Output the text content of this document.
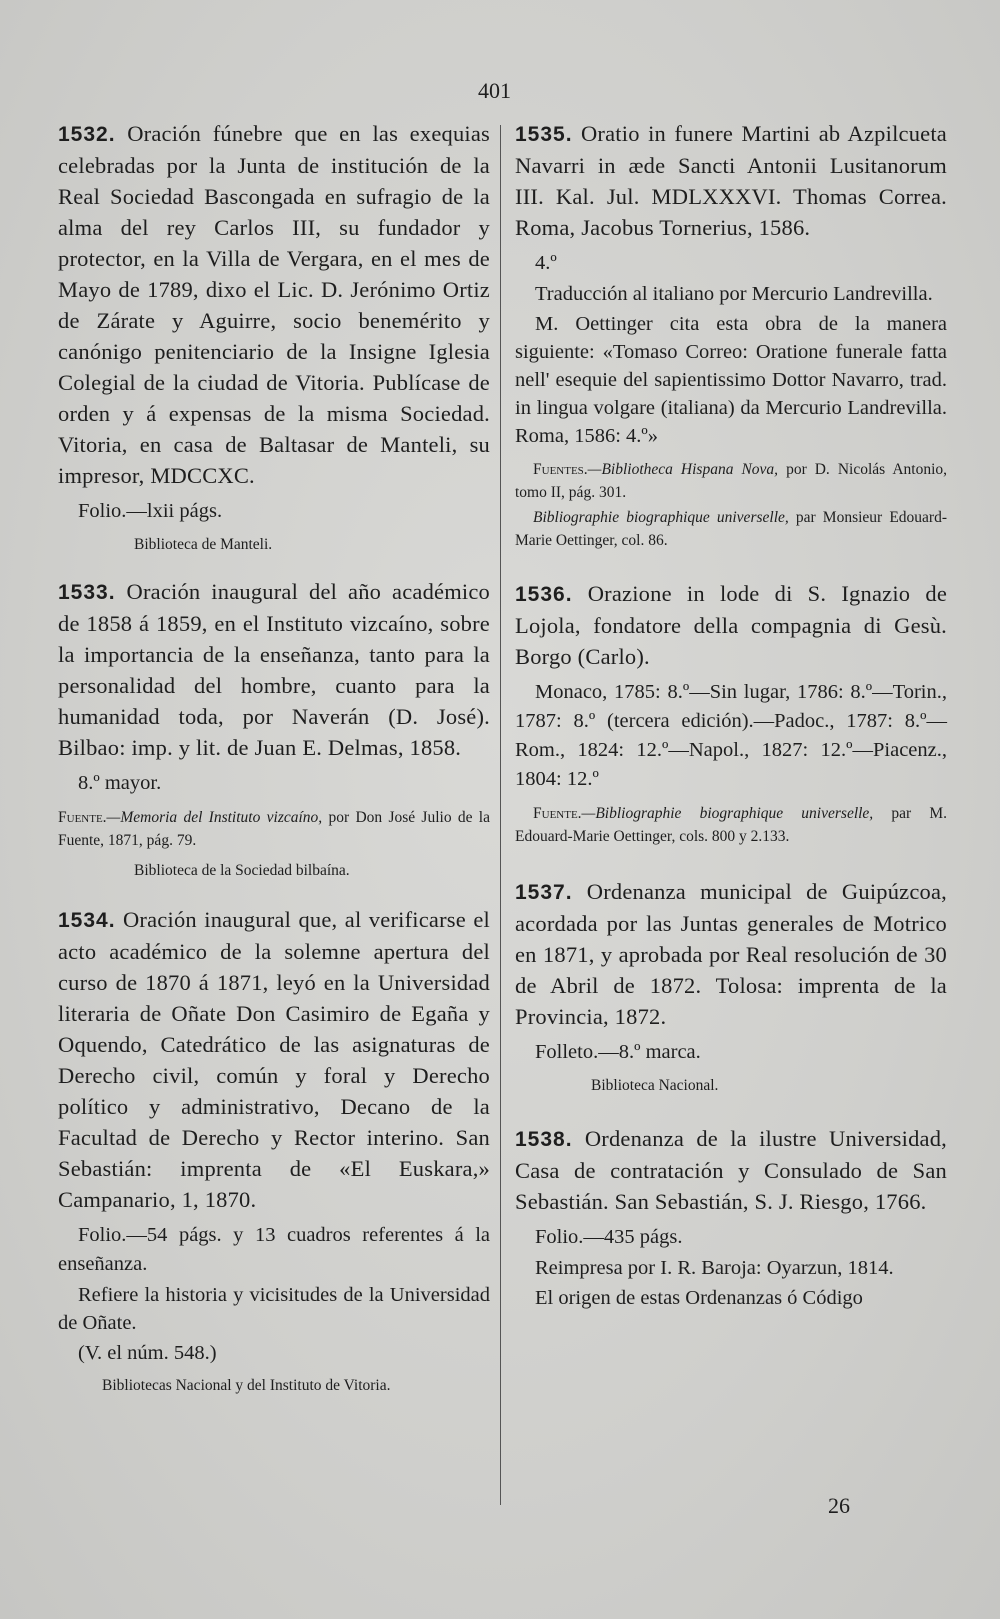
401

1532. Oración fúnebre que en las exequias celebradas por la Junta de institución de la Real Sociedad Bascongada en sufragio de la alma del rey Carlos III, su fundador y protector, en la Villa de Vergara, en el mes de Mayo de 1789, dixo el Lic. D. Jerónimo Ortiz de Zárate y Aguirre, socio benemérito y canónigo penitenciario de la Insigne Iglesia Colegial de la ciudad de Vitoria. Publícase de orden y á expensas de la misma Sociedad. Vitoria, en casa de Baltasar de Manteli, su impresor, MDCCXC.

Folio.—lxii págs.

Biblioteca de Manteli.

1533. Oración inaugural del año académico de 1858 á 1859, en el Instituto vizcaíno, sobre la importancia de la enseñanza, tanto para la personalidad del hombre, cuanto para la humanidad toda, por Naverán (D. José). Bilbao: imp. y lit. de Juan E. Delmas, 1858.

8.º mayor.

Fuente.—Memoria del Instituto vizcaíno, por Don José Julio de la Fuente, 1871, pág. 79.

Biblioteca de la Sociedad bilbaína.

1534. Oración inaugural que, al verificarse el acto académico de la solemne apertura del curso de 1870 á 1871, leyó en la Universidad literaria de Oñate Don Casimiro de Egaña y Oquendo, Catedrático de las asignaturas de Derecho civil, común y foral y Derecho político y administrativo, Decano de la Facultad de Derecho y Rector interino. San Sebastián: imprenta de «El Euskara,» Campanario, 1, 1870.

Folio.—54 págs. y 13 cuadros referentes á la enseñanza.

Refiere la historia y vicisitudes de la Universidad de Oñate.

(V. el núm. 548.)

Bibliotecas Nacional y del Instituto de Vitoria.

1535. Oratio in funere Martini ab Azpilcueta Navarri in æde Sancti Antonii Lusitanorum III. Kal. Jul. MDLXXXVI. Thomas Correa. Roma, Jacobus Tornerius, 1586.

4.º

Traducción al italiano por Mercurio Landrevilla.

M. Oettinger cita esta obra de la manera siguiente: «Tomaso Correo: Oratione funerale fatta nell' esequie del sapientissimo Dottor Navarro, trad. in lingua volgare (italiana) da Mercurio Landrevilla. Roma, 1586: 4.º»

Fuentes.—Bibliotheca Hispana Nova, por D. Nicolás Antonio, tomo II, pág. 301.

Bibliographie biographique universelle, par Monsieur Edouard-Marie Oettinger, col. 86.

1536. Orazione in lode di S. Ignazio de Lojola, fondatore della compagnia di Gesù. Borgo (Carlo).

Monaco, 1785: 8.º—Sin lugar, 1786: 8.º—Torin., 1787: 8.º (tercera edición).—Padoc., 1787: 8.º—Rom., 1824: 12.º—Napol., 1827: 12.º—Piacenz., 1804: 12.º

Fuente.—Bibliographie biographique universelle, par M. Edouard-Marie Oettinger, cols. 800 y 2.133.

1537. Ordenanza municipal de Guipúzcoa, acordada por las Juntas generales de Motrico en 1871, y aprobada por Real resolución de 30 de Abril de 1872. Tolosa: imprenta de la Provincia, 1872.

Folleto.—8.º marca.

Biblioteca Nacional.

1538. Ordenanza de la ilustre Universidad, Casa de contratación y Consulado de San Sebastián. San Sebastián, S. J. Riesgo, 1766.

Folio.—435 págs.

Reimpresa por I. R. Baroja: Oyarzun, 1814.

El origen de estas Ordenanzas ó Código

26
